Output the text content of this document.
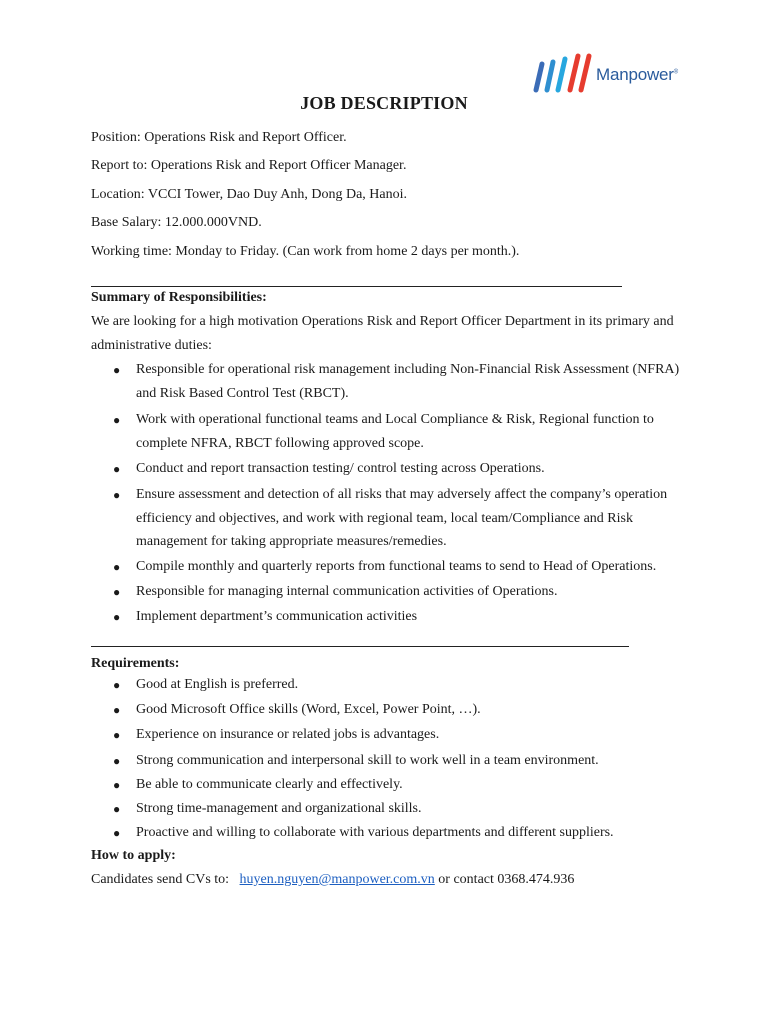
Manpower®
JOB DESCRIPTION
Position: Operations Risk and Report Officer.
Report to: Operations Risk and Report Officer Manager.
Location: VCCI Tower, Dao Duy Anh, Dong Da, Hanoi.
Base Salary: 12.000.000VND.
Working time: Monday to Friday. (Can work from home 2 days per month.).
Summary of Responsibilities:
We are looking for a high motivation Operations Risk and Report Officer Department in its primary and
administrative duties:
● Responsible for operational risk management including Non-Financial Risk Assessment (NFRA) and Risk Based Control Test (RBCT).
● Work with operational functional teams and Local Compliance & Risk, Regional function to complete NFRA, RBCT following approved scope.
● Conduct and report transaction testing/ control testing across Operations.
● Ensure assessment and detection of all risks that may adversely affect the company’s operation efficiency and objectives, and work with regional team, local team/Compliance and Risk management for taking appropriate measures/remedies.
● Compile monthly and quarterly reports from functional teams to send to Head of Operations.
● Responsible for managing internal communication activities of Operations.
● Implement department’s communication activities
Requirements:
● Good at English is preferred.
● Good Microsoft Office skills (Word, Excel, Power Point, …).
● Experience on insurance or related jobs is advantages.
● Strong communication and interpersonal skill to work well in a team environment.
● Be able to communicate clearly and effectively.
● Strong time-management and organizational skills.
● Proactive and willing to collaborate with various departments and different suppliers.
How to apply:
Candidates send CVs to: huyen.nguyen@manpower.com.vn or contact 0368.474.936
